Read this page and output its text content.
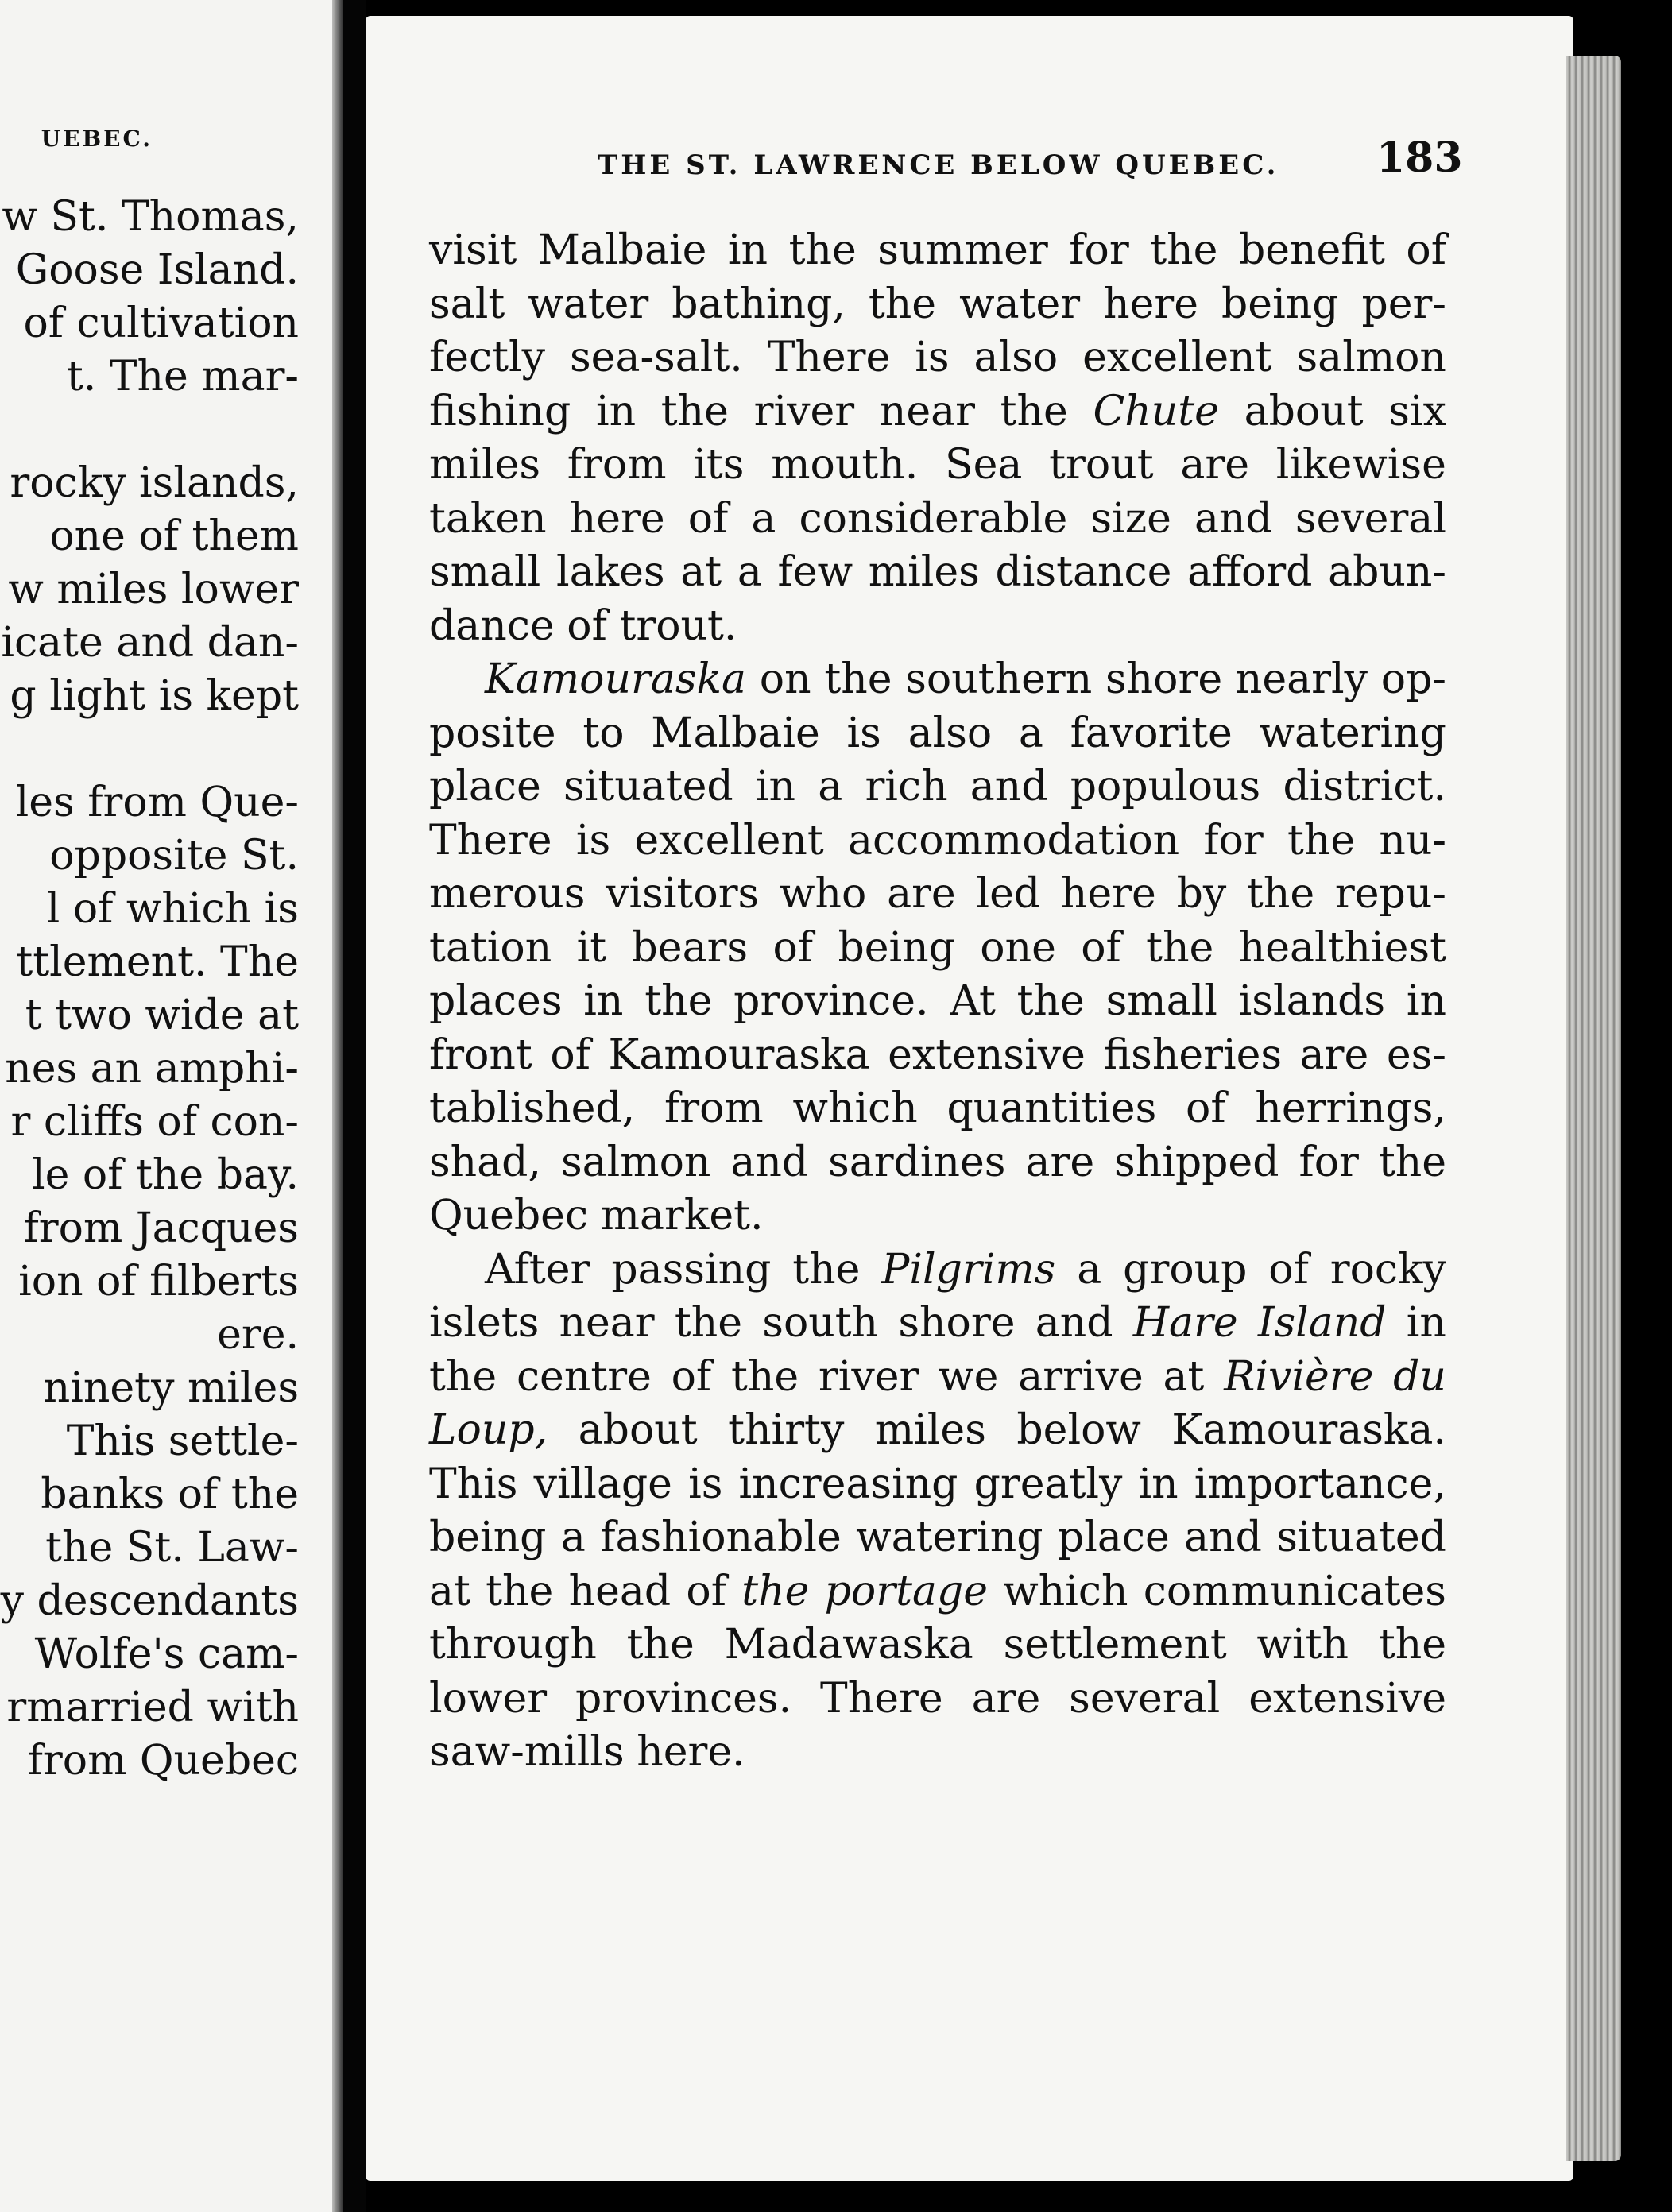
UEBEC.
w St. Thomas,
Goose Island.
of cultivation
t. The mar-

rocky islands,
one of them
w miles lower
icate and dan-
g light is kept

les from Que-
opposite St.
l of which is
ttlement. The
t two wide at
nes an amphi-
r cliffs of con-
le of the bay.
from Jacques
ion of filberts
ere.
ninety miles
This settle-
banks of the
the St. Law-
y descendants
Wolfe's cam-
rmarried with
from Quebec
THE ST. LAWRENCE BELOW QUEBEC. 183
visit Malbaie in the summer for the benefit of
salt water bathing, the water here being per-
fectly sea-salt. There is also excellent salmon
fishing in the river near the Chute about six
miles from its mouth. Sea trout are likewise
taken here of a considerable size and several
small lakes at a few miles distance afford abun-
dance of trout.
Kamouraska on the southern shore nearly op-
posite to Malbaie is also a favorite watering
place situated in a rich and populous district.
There is excellent accommodation for the nu-
merous visitors who are led here by the repu-
tation it bears of being one of the healthiest
places in the province. At the small islands in
front of Kamouraska extensive fisheries are es-
tablished, from which quantities of herrings,
shad, salmon and sardines are shipped for the
Quebec market.
After passing the Pilgrims a group of rocky
islets near the south shore and Hare Island in
the centre of the river we arrive at Rivière du
Loup, about thirty miles below Kamouraska.
This village is increasing greatly in importance,
being a fashionable watering place and situated
at the head of the portage which communicates
through the Madawaska settlement with the
lower provinces. There are several extensive
saw-mills here.
